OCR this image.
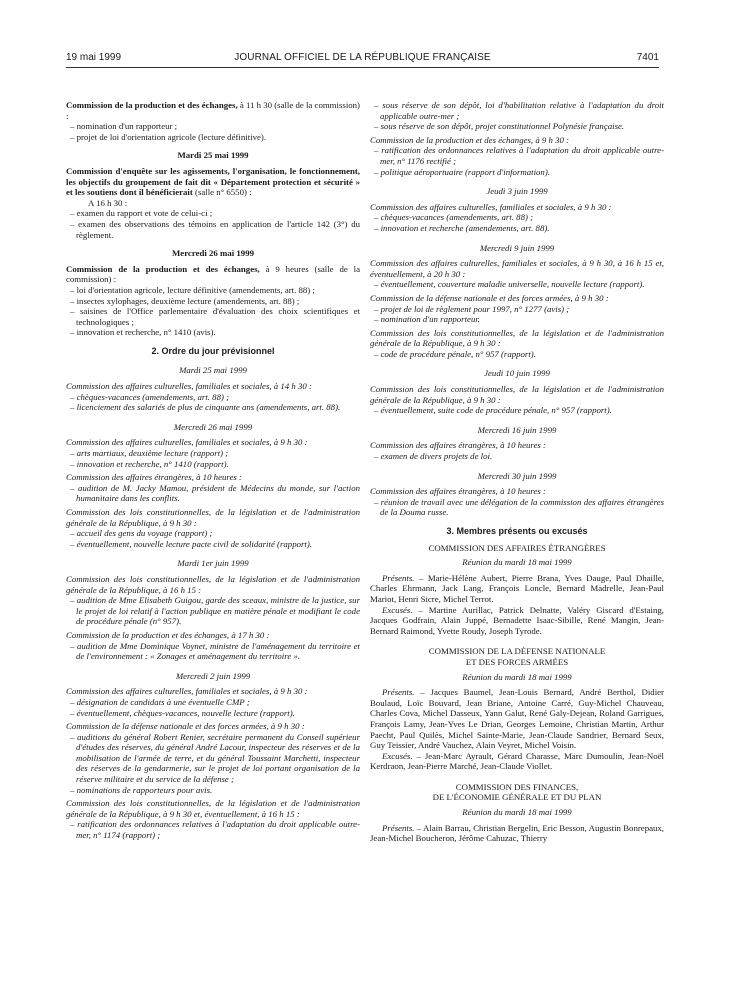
19 mai 1999	JOURNAL OFFICIEL DE LA RÉPUBLIQUE FRANÇAISE	7401

Commission de la production et des échanges, à 11 h 30 (salle de la commission) :

– nomination d'un rapporteur ;

– projet de loi d'orientation agricole (lecture définitive).

Mardi 25 mai 1999

Commission d'enquête sur les agissements, l'organisation, le fonctionnement, les objectifs du groupement de fait dit « Département protection et sécurité » et les soutiens dont il bénéficierait (salle n° 6550) :

A 16 h 30 :

– examen du rapport et vote de celui-ci ;

– examen des observations des témoins en application de l'article 142 (3°) du règlement.

Mercredi 26 mai 1999

Commission de la production et des échanges, à 9 heures (salle de la commission) :

– loi d'orientation agricole, lecture définitive (amendements, art. 88) ;

– insectes xylophages, deuxième lecture (amendements, art. 88) ;

– saisines de l'Office parlementaire d'évaluation des choix scientifiques et technologiques ;

– innovation et recherche, n° 1410 (avis).

2. Ordre du jour prévisionnel
Mardi 25 mai 1999

Commission des affaires culturelles, familiales et sociales, à 14 h 30 :

– chèques-vacances (amendements, art. 88) ;

– licenciement des salariés de plus de cinquante ans (amendements, art. 88).

Mercredi 26 mai 1999

Commission des affaires culturelles, familiales et sociales, à 9 h 30 :

– arts martiaux, deuxième lecture (rapport) ;

– innovation et recherche, n° 1410 (rapport).

Commission des affaires étrangères, à 10 heures :

– audition de M. Jacky Mamou, président de Médecins du monde, sur l'action humanitaire dans les conflits.

Commission des lois constitutionnelles, de la législation et de l'administration générale de la République, à 9 h 30 :

– accueil des gens du voyage (rapport) ;

– éventuellement, nouvelle lecture pacte civil de solidarité (rapport).

Mardi 1er juin 1999

Commission des lois constitutionnelles, de la législation et de l'administration générale de la République, à 16 h 15 :

– audition de Mme Elisabeth Guigou, garde des sceaux, ministre de la justice, sur le projet de loi relatif à l'action publique en matière pénale et modifiant le code de procédure pénale (n° 957).

Commission de la production et des échanges, à 17 h 30 :

– audition de Mme Dominique Voynet, ministre de l'aménagement du territoire et de l'environnement : « Zonages et aménagement du territoire ».

Mercredi 2 juin 1999

Commission des affaires culturelles, familiales et sociales, à 9 h 30 :

– désignation de candidats à une éventuelle CMP ;

– éventuellement, chèques-vacances, nouvelle lecture (rapport).

Commission de la défense nationale et des forces armées, à 9 h 30 :

– auditions du général Robert Renier, secrétaire permanent du Conseil supérieur d'études des réserves, du général André Lacour, inspecteur des réserves et de la mobilisation de l'armée de terre, et du général Toussaint Marchetti, inspecteur des réserves de la gendarmerie, sur le projet de loi portant organisation de la réserve militaire et du service de la défense ;

– nominations de rapporteurs pour avis.

Commission des lois constitutionnelles, de la législation et de l'administration générale de la République, à 9 h 30 et, éventuellement, à 16 h 15 :

– ratification des ordonnances relatives à l'adaptation du droit applicable outre-mer, n° 1174 (rapport) ;

– sous réserve de son dépôt, loi d'habilitation relative à l'adaptation du droit applicable outre-mer ;

– sous réserve de son dépôt, projet constitutionnel Polynésie française.

Commission de la production et des échanges, à 9 h 30 :

– ratification des ordonnances relatives à l'adaptation du droit applicable outre-mer, n° 1176 rectifié ;

– politique aéroportuaire (rapport d'information).

Jeudi 3 juin 1999

Commission des affaires culturelles, familiales et sociales, à 9 h 30 :

– chèques-vacances (amendements, art. 88) ;

– innovation et recherche (amendements, art. 88).

Mercredi 9 juin 1999

Commission des affaires culturelles, familiales et sociales, à 9 h 30, à 16 h 15 et, éventuellement, à 20 h 30 :

– éventuellement, couverture maladie universelle, nouvelle lecture (rapport).

Commission de la défense nationale et des forces armées, à 9 h 30 :

– projet de loi de règlement pour 1997, n° 1277 (avis) ;

– nomination d'un rapporteur.

Commission des lois constitutionnelles, de la législation et de l'administration générale de la République, à 9 h 30 :

– code de procédure pénale, n° 957 (rapport).

Jeudi 10 juin 1999

Commission des lois constitutionnelles, de la législation et de l'administration générale de la République, à 9 h 30 :

– éventuellement, suite code de procédure pénale, n° 957 (rapport).

Mercredi 16 juin 1999

Commission des affaires étrangères, à 10 heures :

– examen de divers projets de loi.

Mercredi 30 juin 1999

Commission des affaires étrangères, à 10 heures :

– réunion de travail avec une délégation de la commission des affaires étrangères de la Douma russe.

3. Membres présents ou excusés
COMMISSION DES AFFAIRES ÉTRANGÈRES
Réunion du mardi 18 mai 1999

Présents. – Marie-Hélène Aubert, Pierre Brana, Yves Dauge, Paul Dhaille, Charles Ehrmann, Jack Lang, François Loncle, Bernard Madrelle, Jean-Paul Mariot, Henri Sicre, Michel Terrot.

Excusés. – Martine Aurillac, Patrick Delnatte, Valéry Giscard d'Estaing, Jacques Godfrain, Alain Juppé, Bernadette Isaac-Sibille, René Mangin, Jean-Bernard Raimond, Yvette Roudy, Joseph Tyrode.

COMMISSION DE LA DÉFENSE NATIONALE
ET DES FORCES ARMÉES
Réunion du mardi 18 mai 1999

Présents. – Jacques Baumel, Jean-Louis Bernard, André Berthol, Didier Boulaud, Loïc Bouvard, Jean Briane, Antoine Carré, Guy-Michel Chauveau, Charles Cova, Michel Dasseux, Yann Galut, René Galy-Dejean, Roland Garrigues, François Lamy, Jean-Yves Le Drian, Georges Lemoine, Christian Martin, Arthur Paecht, Paul Quilès, Michel Sainte-Marie, Jean-Claude Sandrier, Bernard Seux, Guy Teissier, André Vauchez, Alain Veyret, Michel Voisin.

Excusés. – Jean-Marc Ayrault, Gérard Charasse, Marc Dumoulin, Jean-Noël Kerdraon, Jean-Pierre Marché, Jean-Claude Viollet.

COMMISSION DES FINANCES,
DE L'ÉCONOMIE GÉNÉRALE ET DU PLAN
Réunion du mardi 18 mai 1999

Présents. – Alain Barrau, Christian Bergelin, Eric Besson, Augustin Bonrepaux, Jean-Michel Boucheron, Jérôme Cahuzac, Thierry
